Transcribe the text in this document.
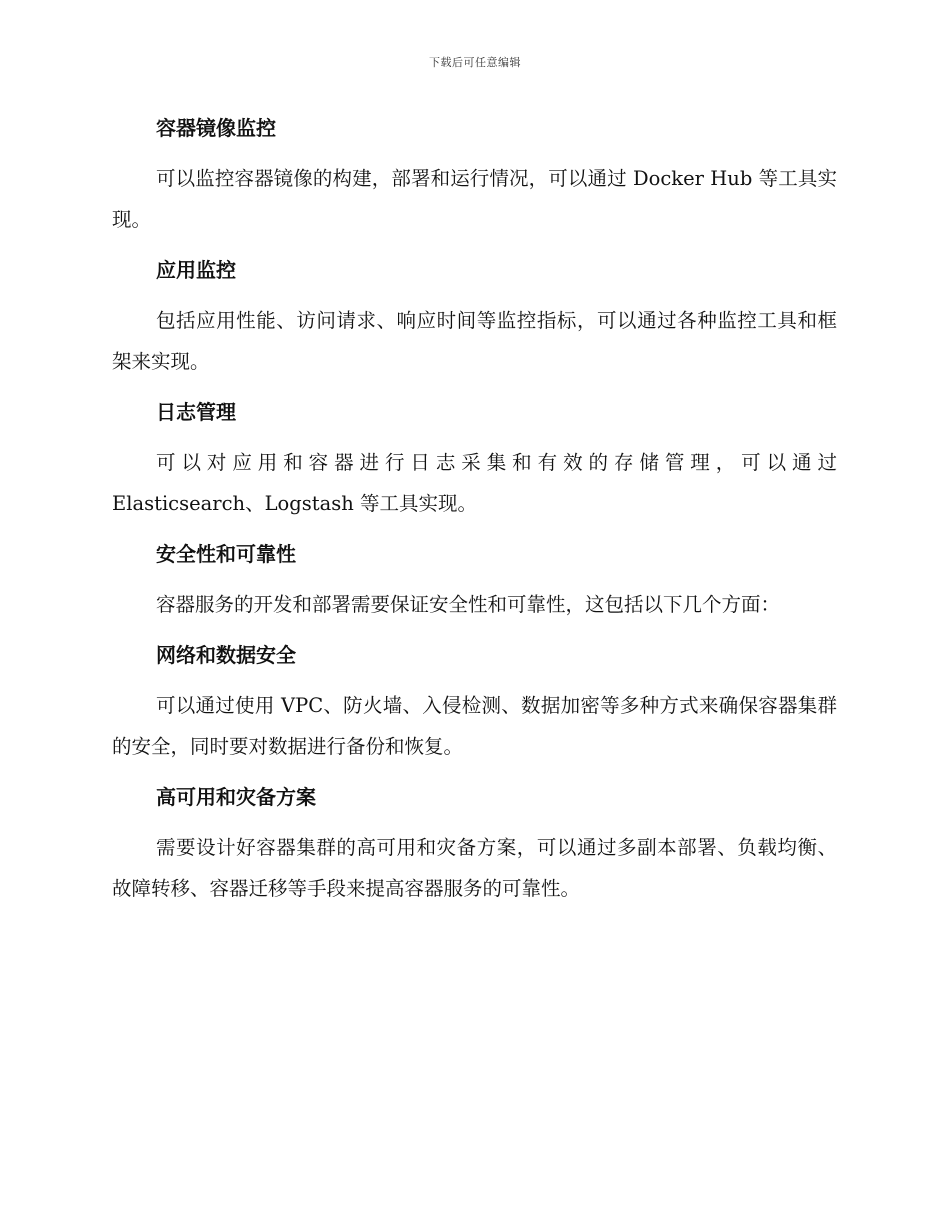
下载后可任意编辑
容器镜像监控

可以监控容器镜像的构建，部署和运行情况，可以通过 Docker Hub 等工具实现。

应用监控

包括应用性能、访问请求、响应时间等监控指标，可以通过各种监控工具和框架来实现。

日志管理

可以对应用和容器进行日志采集和有效的存储管理，可以通过 Elasticsearch、Logstash 等工具实现。

安全性和可靠性

容器服务的开发和部署需要保证安全性和可靠性，这包括以下几个方面：

网络和数据安全

可以通过使用 VPC、防火墙、入侵检测、数据加密等多种方式来确保容器集群的安全，同时要对数据进行备份和恢复。

高可用和灾备方案

需要设计好容器集群的高可用和灾备方案，可以通过多副本部署、负载均衡、故障转移、容器迁移等手段来提高容器服务的可靠性。
